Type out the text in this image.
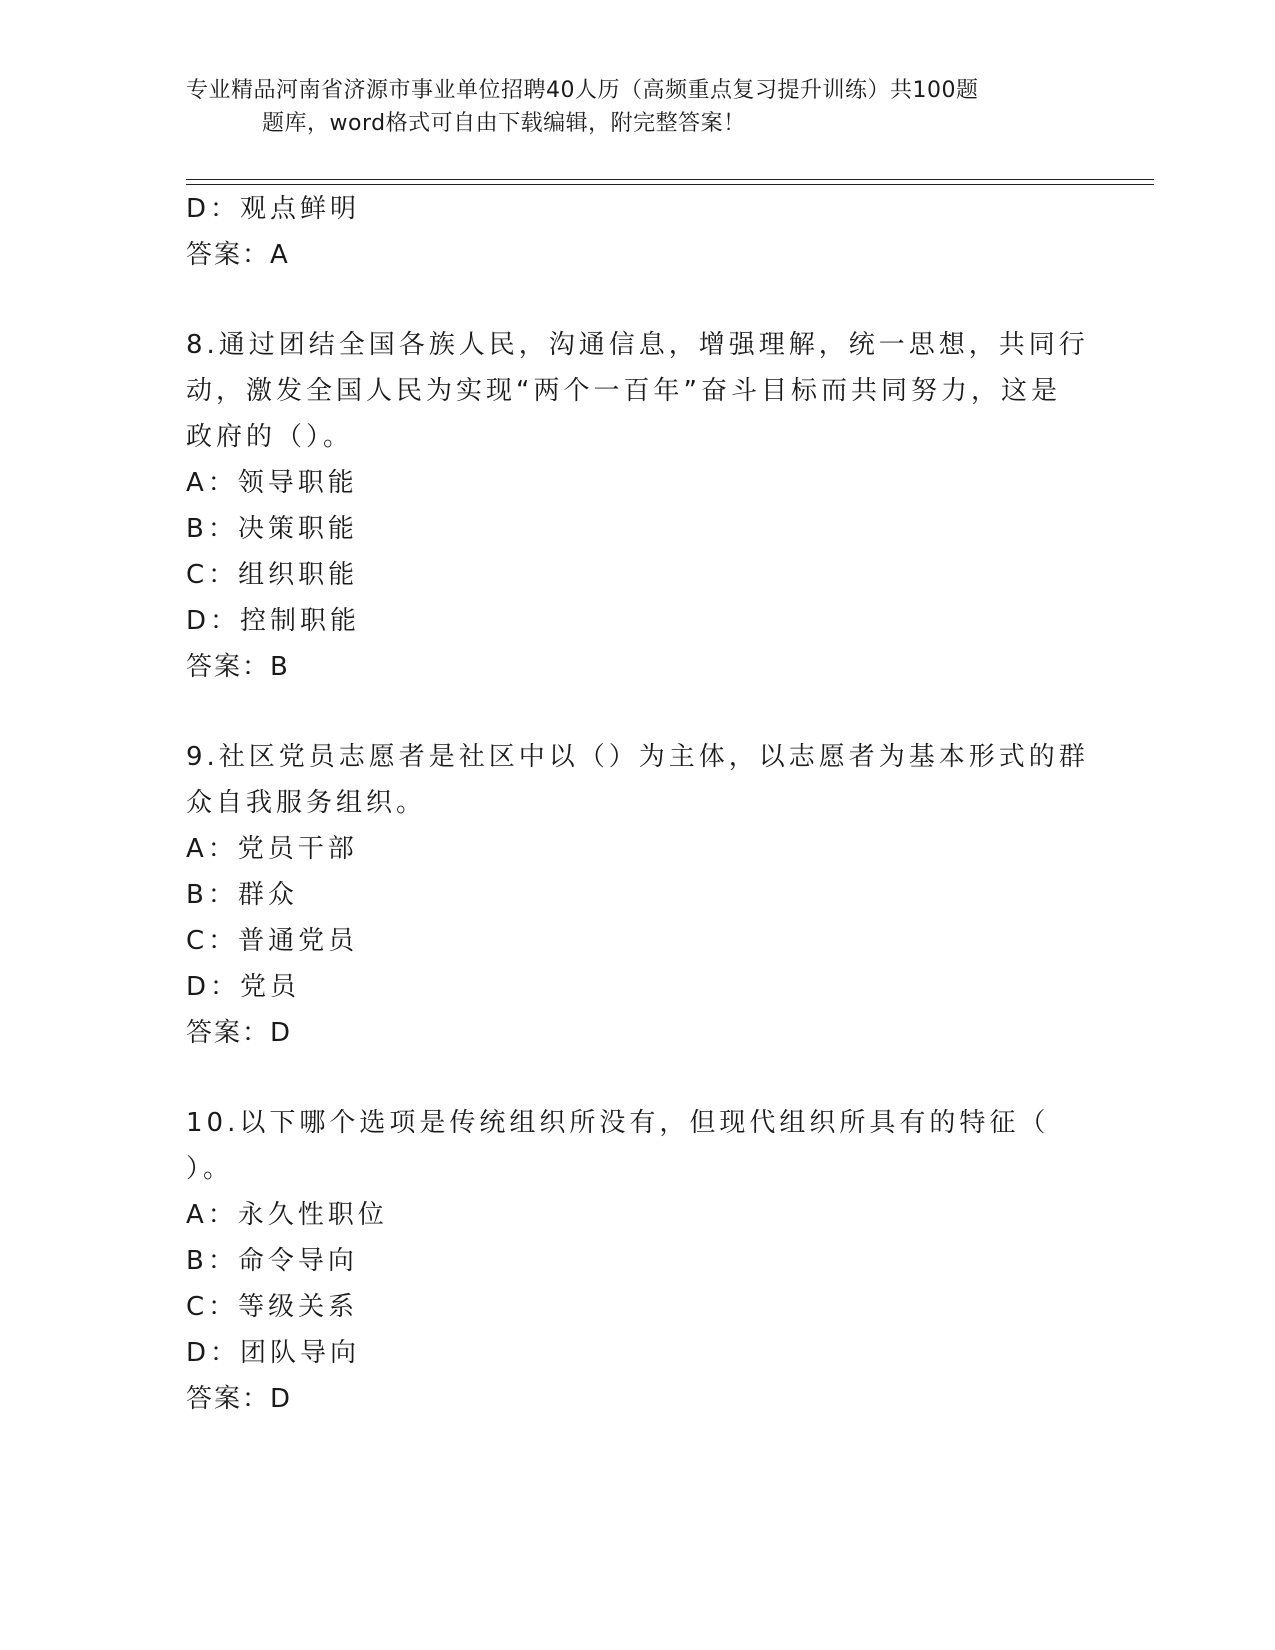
专业精品河南省济源市事业单位招聘40人历（高频重点复习提升训练）共100题
题库，word格式可自由下载编辑，附完整答案！
D：观点鲜明
答案：A
8.通过团结全国各族人民，沟通信息，增强理解，统一思想，共同行
动，激发全国人民为实现“两个一百年”奋斗目标而共同努力，这是
政府的（）。
A：领导职能
B：决策职能
C：组织职能
D：控制职能
答案：B
9.社区党员志愿者是社区中以（）为主体，以志愿者为基本形式的群
众自我服务组织。
A：党员干部
B：群众
C：普通党员
D：党员
答案：D
10.以下哪个选项是传统组织所没有，但现代组织所具有的特征（
）。
A：永久性职位
B：命令导向
C：等级关系
D：团队导向
答案：D
